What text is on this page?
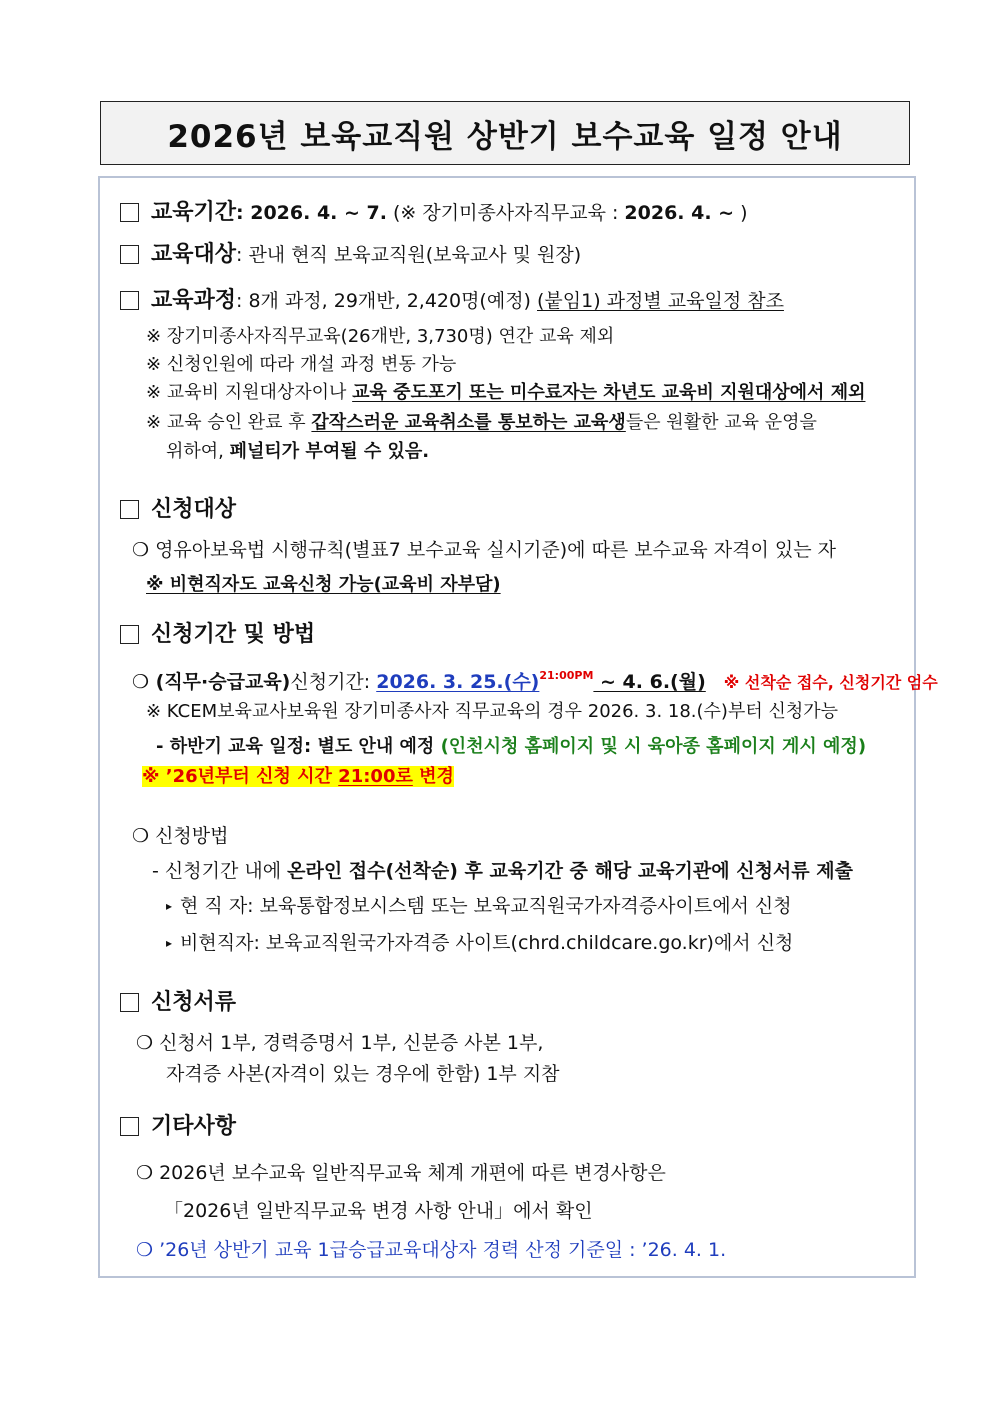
2026년 보육교직원 상반기 보수교육 일정 안내
교육기간: 2026. 4. ~ 7. (※ 장기미종사자직무교육 : 2026. 4. ~ )
교육대상: 관내 현직 보육교직원(보육교사 및 원장)
교육과정: 8개 과정, 29개반, 2,420명(예정) (붙임1) 과정별 교육일정 참조
※ 장기미종사자직무교육(26개반, 3,730명) 연간 교육 제외
※ 신청인원에 따라 개설 과정 변동 가능
※ 교육비 지원대상자이나 교육 중도포기 또는 미수료자는 차년도 교육비 지원대상에서 제외
※ 교육 승인 완료 후 갑작스러운 교육취소를 통보하는 교육생들은 원활한 교육 운영을
위하여, 페널티가 부여될 수 있음.
신청대상
❍ 영유아보육법 시행규칙(별표7 보수교육 실시기준)에 따른 보수교육 자격이 있는 자
※ 비현직자도 교육신청 가능(교육비 자부담)
신청기간 및 방법
❍ (직무·승급교육)신청기간: 2026. 3. 25.(수)$^{21:00PM}$ ~ 4. 6.(월) ※ 선착순 접수, 신청기간 엄수
※ KCEM보육교사보육원 장기미종사자 직무교육의 경우 2026. 3. 18.(수)부터 신청가능
- 하반기 교육 일정: 별도 안내 예정 (인천시청 홈페이지 및 시 육아종 홈페이지 게시 예정)
※ ’26년부터 신청 시간 21:00로 변경
❍ 신청방법
- 신청기간 내에 온라인 접수(선착순) 후 교육기간 중 해당 교육기관에 신청서류 제출
▸ 현 직 자: 보육통합정보시스템 또는 보육교직원국가자격증사이트에서 신청
▸ 비현직자: 보육교직원국가자격증 사이트(chrd.childcare.go.kr)에서 신청
신청서류
❍ 신청서 1부, 경력증명서 1부, 신분증 사본 1부,
자격증 사본(자격이 있는 경우에 한함) 1부 지참
기타사항
❍ 2026년 보수교육 일반직무교육 체계 개편에 따른 변경사항은
「2026년 일반직무교육 변경 사항 안내」에서 확인
❍ ’26년 상반기 교육 1급승급교육대상자 경력 산정 기준일 : ’26. 4. 1.
